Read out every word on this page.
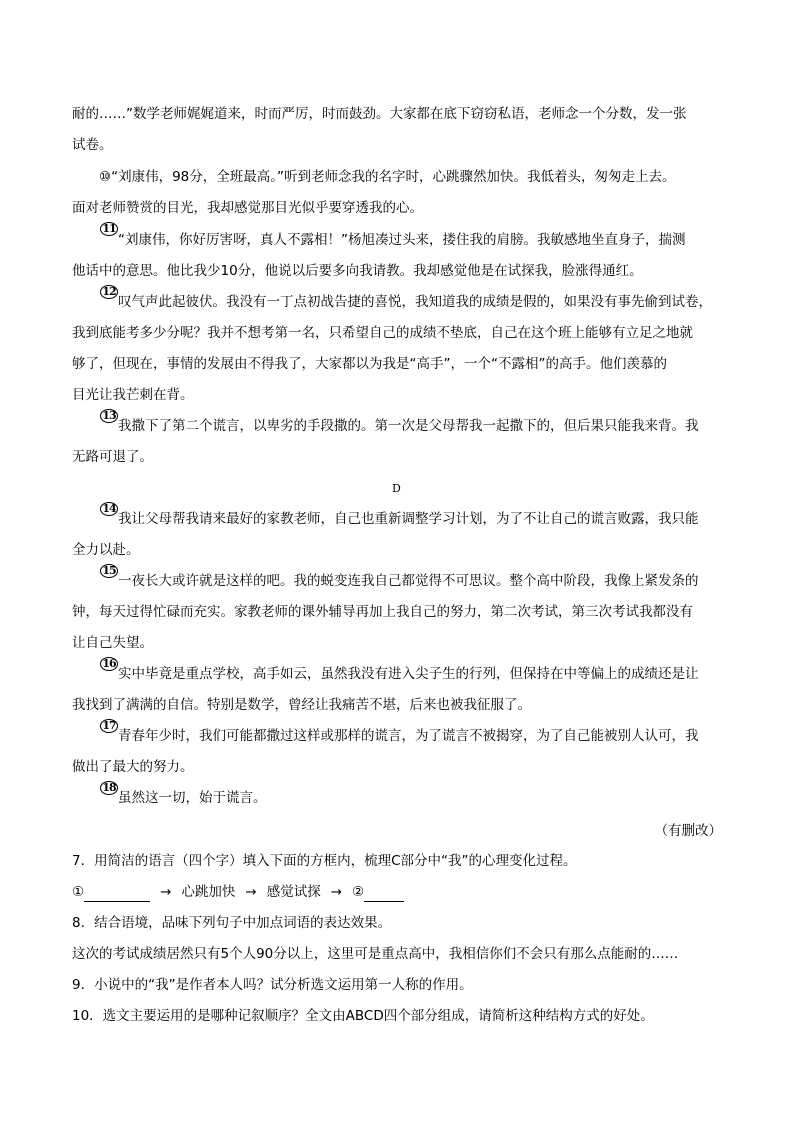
耐的……”数学老师娓娓道来，时而严厉，时而鼓劲。大家都在底下窃窃私语，老师念一个分数，发一张
试卷。
⑩“刘康伟，98分，全班最高。”听到老师念我的名字时，心跳骤然加快。我低着头，匆匆走上去。
面对老师赞赏的目光，我却感觉那目光似乎要穿透我的心。
11
“刘康伟，你好厉害呀，真人不露相！”杨旭凑过头来，搂住我的肩膀。我敏感地坐直身子，揣测
他话中的意思。他比我少10分，他说以后要多向我请教。我却感觉他是在试探我，脸涨得通红。
12
叹气声此起彼伏。我没有一丁点初战告捷的喜悦，我知道我的成绩是假的，如果没有事先偷到试卷，
我到底能考多少分呢？我并不想考第一名，只希望自己的成绩不垫底，自己在这个班上能够有立足之地就
够了，但现在，事情的发展由不得我了，大家都以为我是“高手”，一个“不露相”的高手。他们羡慕的
目光让我芒刺在背。
13
我撒下了第二个谎言，以卑劣的手段撒的。第一次是父母帮我一起撒下的，但后果只能我来背。我
无路可退了。
D
14
我让父母帮我请来最好的家教老师，自己也重新调整学习计划，为了不让自己的谎言败露，我只能
全力以赴。
15
一夜长大或许就是这样的吧。我的蜕变连我自己都觉得不可思议。整个高中阶段，我像上紧发条的
钟，每天过得忙碌而充实。家教老师的课外辅导再加上我自己的努力，第二次考试，第三次考试我都没有
让自己失望。
16
实中毕竟是重点学校，高手如云，虽然我没有进入尖子生的行列，但保持在中等偏上的成绩还是让
我找到了满满的自信。特别是数学，曾经让我痛苦不堪，后来也被我征服了。
17
青春年少时，我们可能都撒过这样或那样的谎言，为了谎言不被揭穿，为了自己能被别人认可，我
做出了最大的努力。
18
虽然这一切，始于谎言。
（有删改）
7．用简洁的语言（四个字）填入下面的方框内，梳理C部分中“我”的心理变化过程。
①	→ 心跳加快 → 感觉试探 → ②
8．结合语境，品味下列句子中加点词语的表达效果。
这次的考试成绩居然只有5个人90分以上，这里可是重点高中，我相信你们不会只有那么点能耐的……
9．小说中的“我”是作者本人吗？试分析选文运用第一人称的作用。
10．选文主要运用的是哪种记叙顺序？全文由ABCD四个部分组成，请简析这种结构方式的好处。
